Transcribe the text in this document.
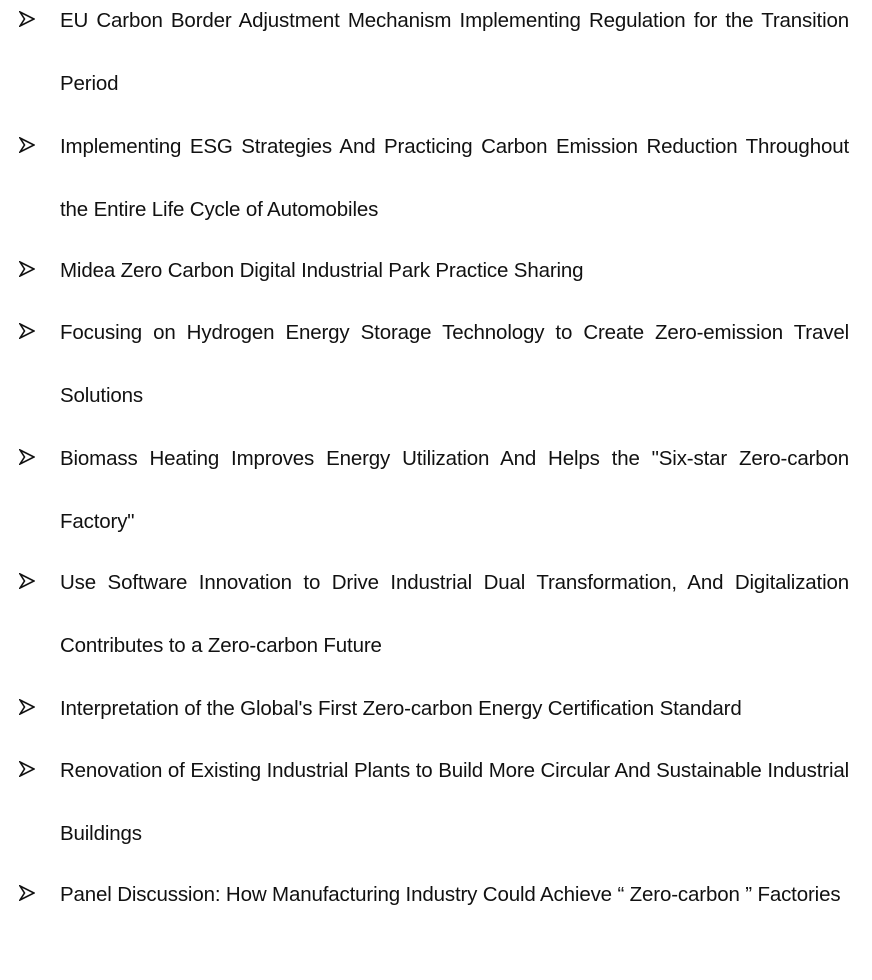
EU Carbon Border Adjustment Mechanism Implementing Regulation for the Transition Period

Implementing ESG Strategies And Practicing Carbon Emission Reduction Throughout the Entire Life Cycle of Automobiles

Midea Zero Carbon Digital Industrial Park Practice Sharing

Focusing on Hydrogen Energy Storage Technology to Create Zero-emission Travel Solutions

Biomass Heating Improves Energy Utilization And Helps the "Six-star Zero-carbon Factory"

Use Software Innovation to Drive Industrial Dual Transformation, And Digitalization Contributes to a Zero-carbon Future

Interpretation of the Global's First Zero-carbon Energy Certification Standard

Renovation of Existing Industrial Plants to Build More Circular And Sustainable Industrial Buildings

Panel Discussion: How Manufacturing Industry Could Achieve “ Zero-carbon ” Factories
